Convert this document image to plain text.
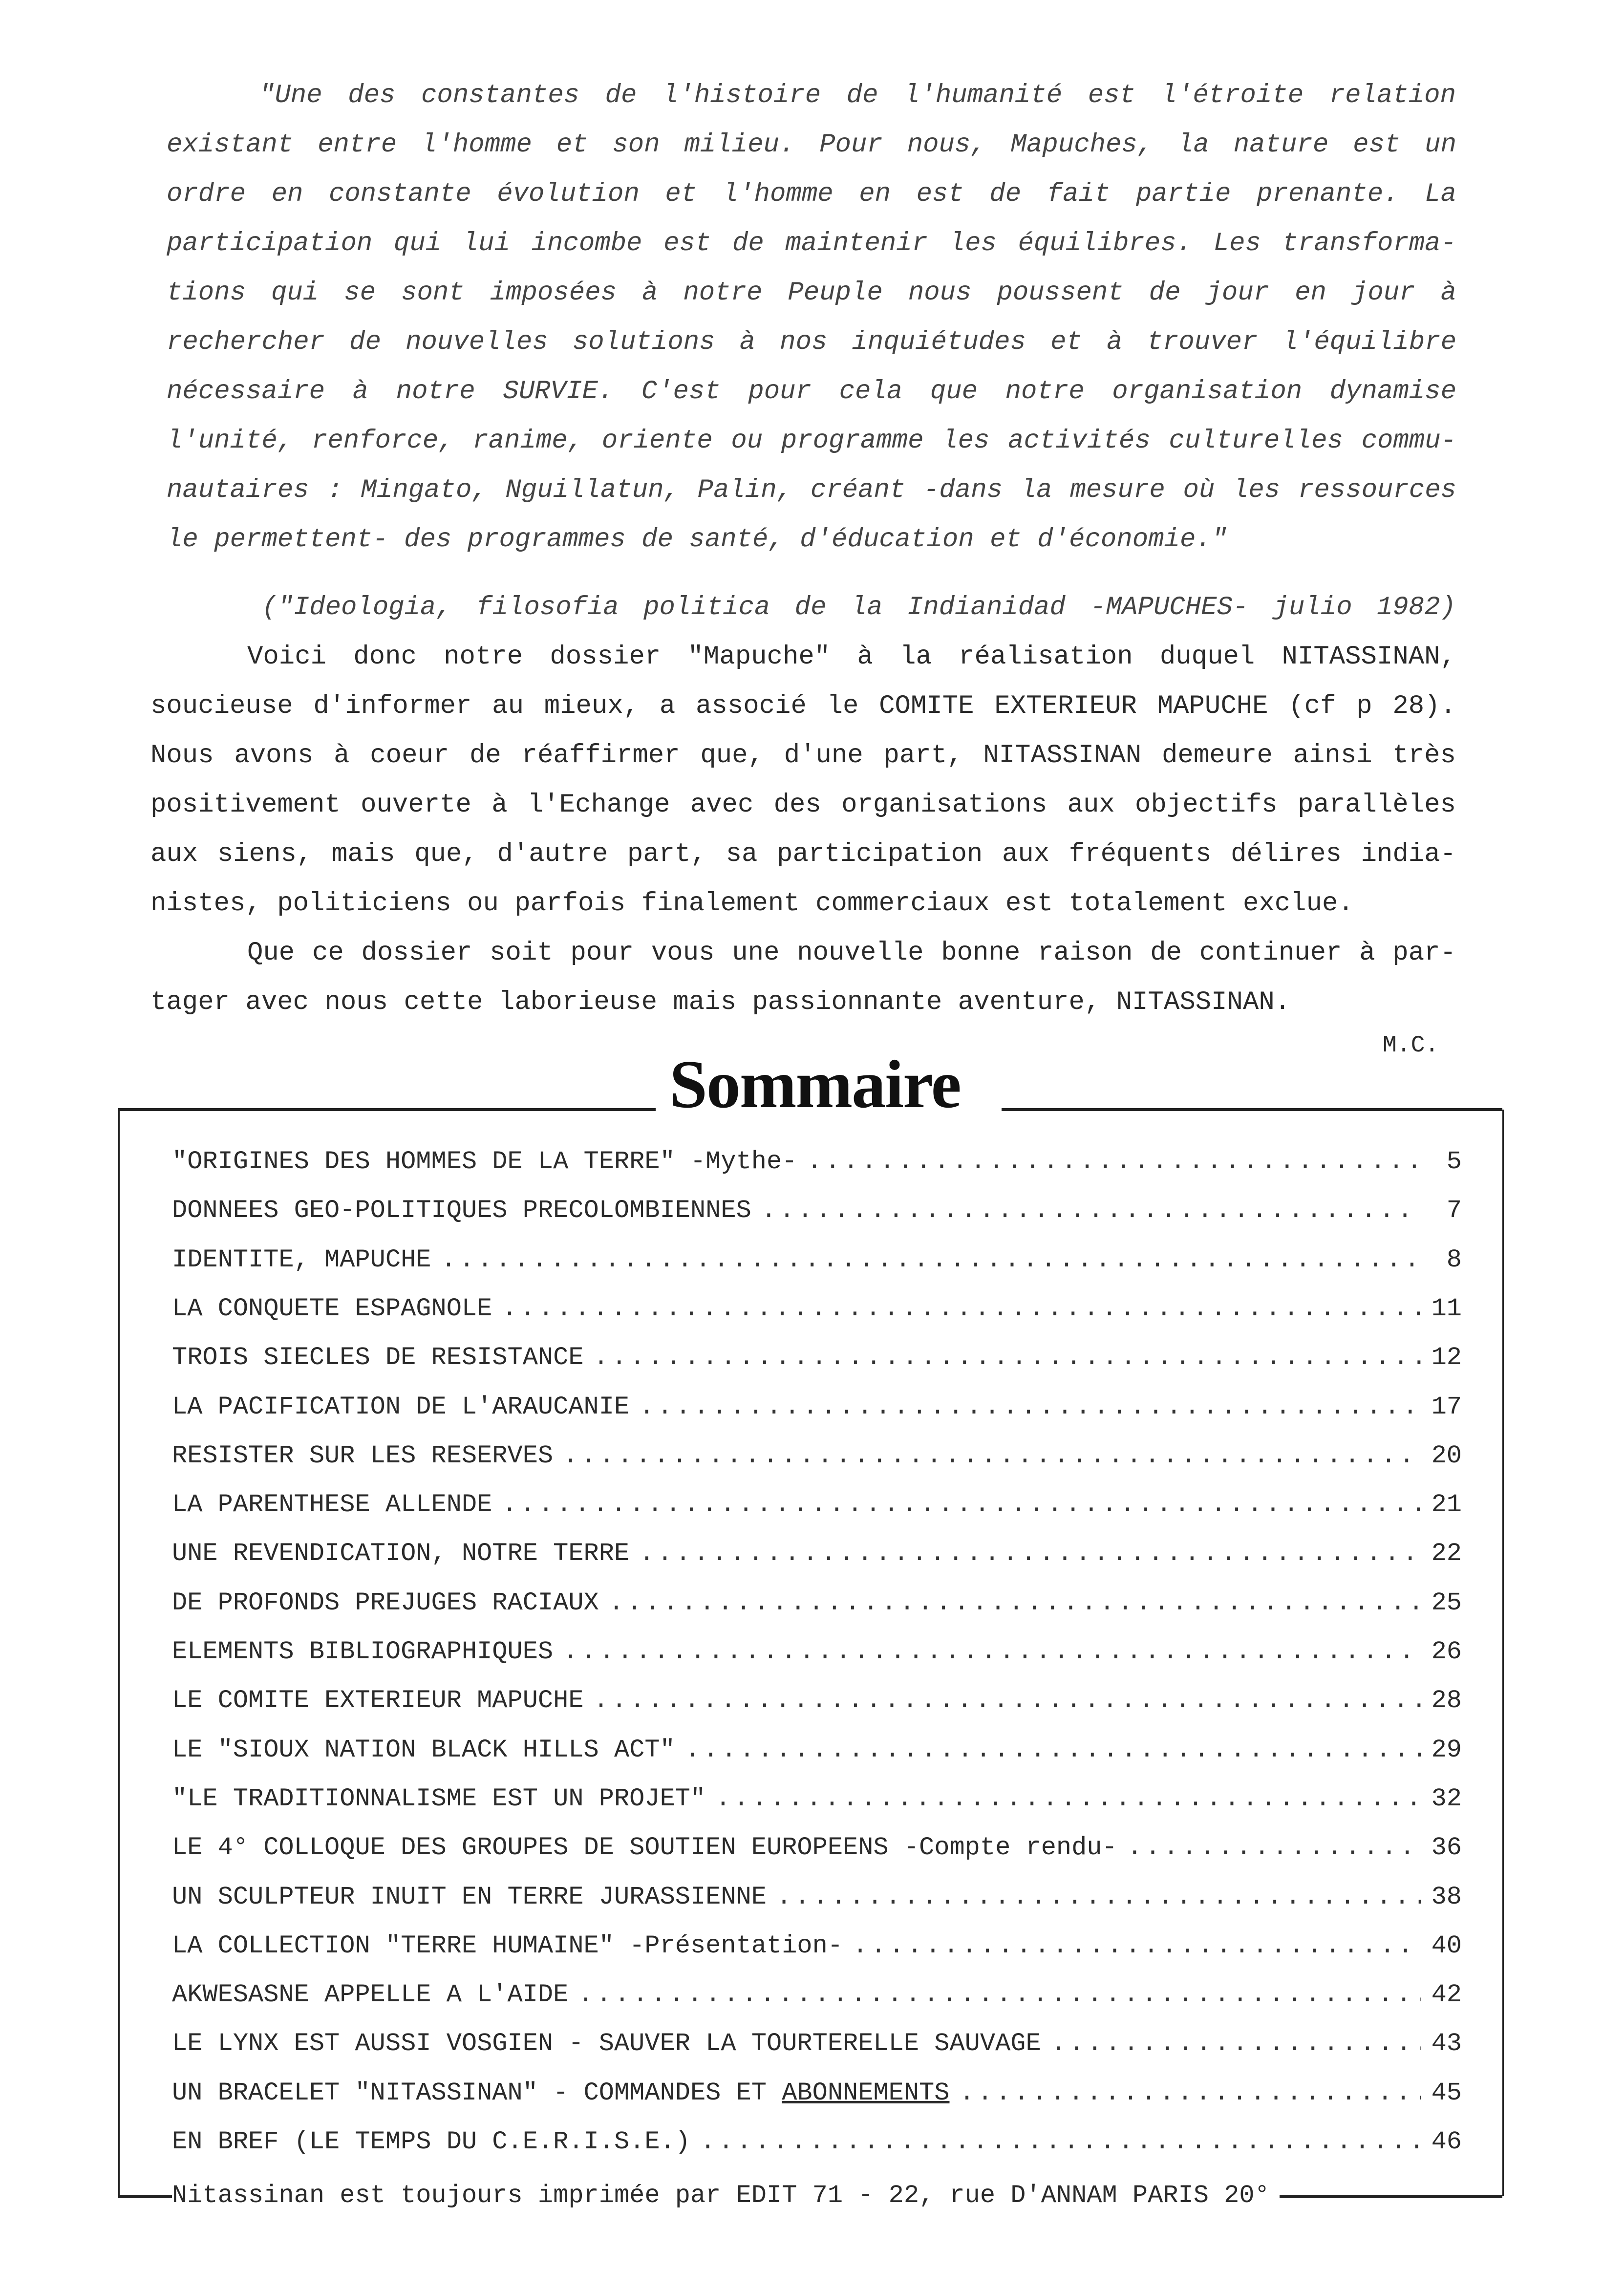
"Une des constantes de l'histoire de l'humanité est l'étroite relation
existant entre l'homme et son milieu. Pour nous, Mapuches, la nature est un
ordre en constante évolution et l'homme en est de fait partie prenante. La
participation qui lui incombe est de maintenir les équilibres. Les transforma-
tions qui se sont imposées à notre Peuple nous poussent de jour en jour à
rechercher de nouvelles solutions à nos inquiétudes et à trouver l'équilibre
nécessaire à notre SURVIE. C'est pour cela que notre organisation dynamise
l'unité, renforce, ranime, oriente ou programme les activités culturelles commu-
nautaires : Mingato, Nguillatun, Palin, créant -dans la mesure où les ressources
le permettent- des programmes de santé, d'éducation et d'économie."
("Ideologia, filosofia politica de la Indianidad -MAPUCHES- julio 1982)
Voici donc notre dossier "Mapuche" à la réalisation duquel NITASSINAN,
soucieuse d'informer au mieux, a associé le COMITE EXTERIEUR MAPUCHE (cf p 28).
Nous avons à coeur de réaffirmer que, d'une part, NITASSINAN demeure ainsi très
positivement ouverte à l'Echange avec des organisations aux objectifs parallèles
aux siens, mais que, d'autre part, sa participation aux fréquents délires india-
nistes, politiciens ou parfois finalement commerciaux est totalement exclue.
Que ce dossier soit pour vous une nouvelle bonne raison de continuer à par-
tager avec nous cette laborieuse mais passionnante aventure, NITASSINAN.
M.C.
Sommaire
"ORIGINES DES HOMMES DE LA TERRE" -Mythe- .....	5
DONNEES GEO-POLITIQUES PRECOLOMBIENNES .....	7
IDENTITE, MAPUCHE .....	8
LA CONQUETE ESPAGNOLE .....	11
TROIS SIECLES DE RESISTANCE .....	12
LA PACIFICATION DE L'ARAUCANIE .....	17
RESISTER SUR LES RESERVES .....	20
LA PARENTHESE ALLENDE .....	21
UNE REVENDICATION, NOTRE TERRE .....	22
DE PROFONDS PREJUGES RACIAUX .....	25
ELEMENTS BIBLIOGRAPHIQUES .....	26
LE COMITE EXTERIEUR MAPUCHE .....	28
LE "SIOUX NATION BLACK HILLS ACT" .....	29
"LE TRADITIONNALISME EST UN PROJET" .....	32
LE 4° COLLOQUE DES GROUPES DE SOUTIEN EUROPEENS -Compte rendu- .....	36
UN SCULPTEUR INUIT EN TERRE JURASSIENNE .....	38
LA COLLECTION "TERRE HUMAINE" -Présentation- .....	40
AKWESASNE APPELLE A L'AIDE .....	42
LE LYNX EST AUSSI VOSGIEN - SAUVER LA TOURTERELLE SAUVAGE .....	43
UN BRACELET "NITASSINAN" - COMMANDES ET ABONNEMENTS .....	45
EN BREF (LE TEMPS DU C.E.R.I.S.E.) .....	46
Nitassinan est toujours imprimée par EDIT 71 - 22, rue D'ANNAM PARIS 20°
